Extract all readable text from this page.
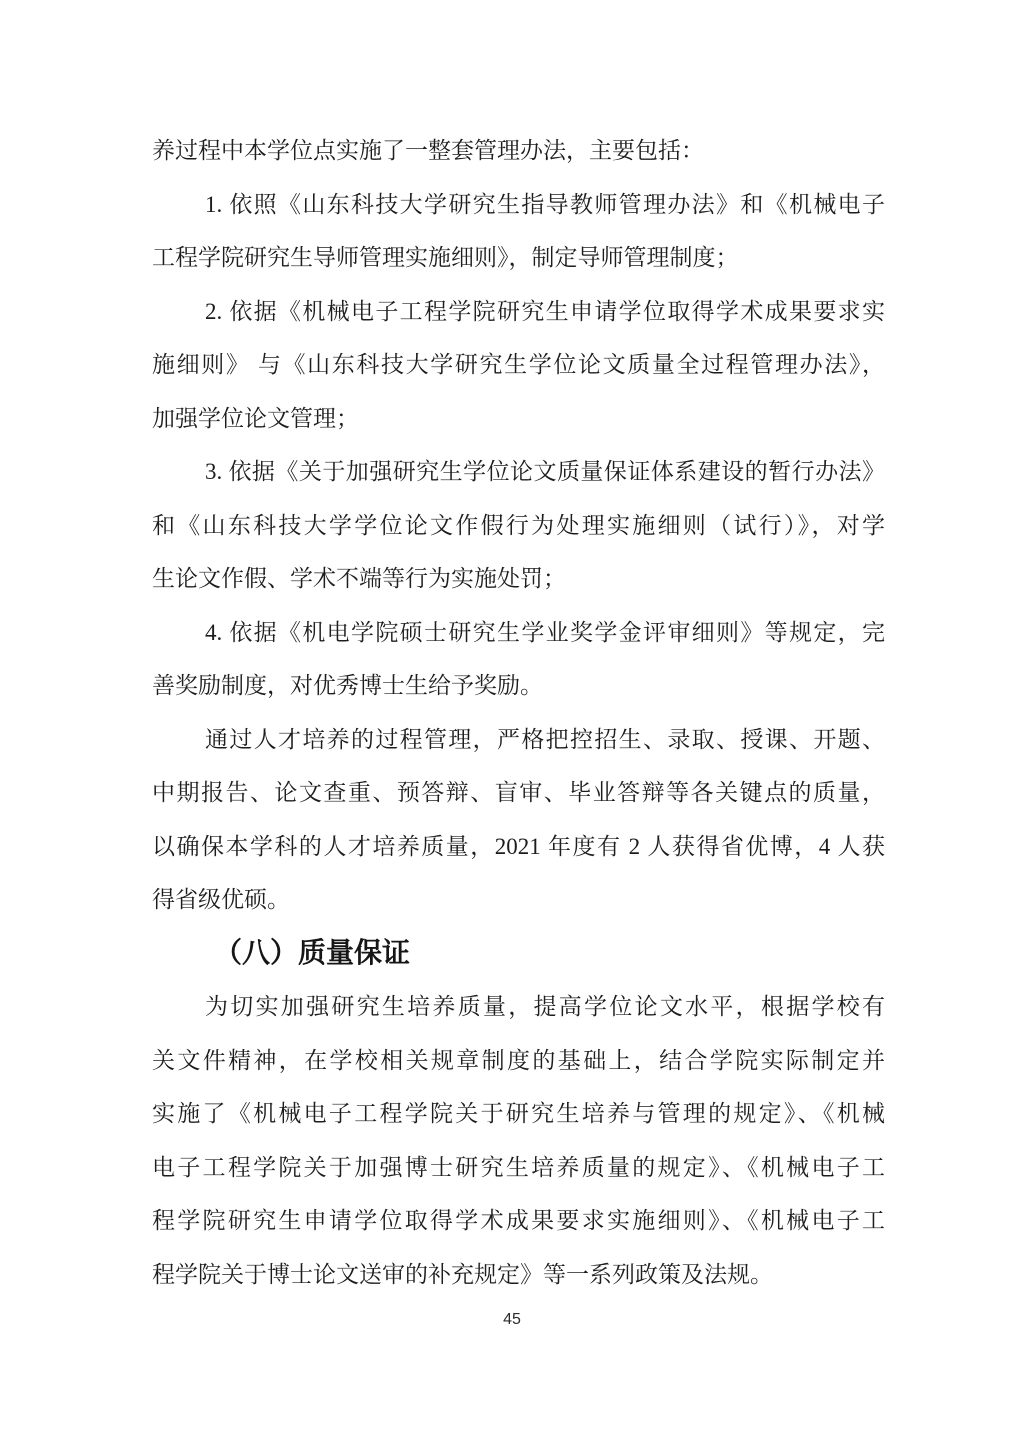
养过程中本学位点实施了一整套管理办法，主要包括：
1. 依照《山东科技大学研究生指导教师管理办法》和《机械电子
工程学院研究生导师管理实施细则》，制定导师管理制度；
2. 依据《机械电子工程学院研究生申请学位取得学术成果要求实
施细则》 与《山东科技大学研究生学位论文质量全过程管理办法》，
加强学位论文管理；
3. 依据《关于加强研究生学位论文质量保证体系建设的暂行办法》
和《山东科技大学学位论文作假行为处理实施细则（试行）》，对学
生论文作假、学术不端等行为实施处罚；
4. 依据《机电学院硕士研究生学业奖学金评审细则》等规定，完
善奖励制度，对优秀博士生给予奖励。
通过人才培养的过程管理，严格把控招生、录取、授课、开题、
中期报告、论文查重、预答辩、盲审、毕业答辩等各关键点的质量，
以确保本学科的人才培养质量，2021 年度有 2 人获得省优博，4 人获
得省级优硕。
（八）质量保证
为切实加强研究生培养质量，提高学位论文水平，根据学校有
关文件精神，在学校相关规章制度的基础上，结合学院实际制定并
实施了《机械电子工程学院关于研究生培养与管理的规定》、《机械
电子工程学院关于加强博士研究生培养质量的规定》、《机械电子工
程学院研究生申请学位取得学术成果要求实施细则》、《机械电子工
程学院关于博士论文送审的补充规定》等一系列政策及法规。
45
